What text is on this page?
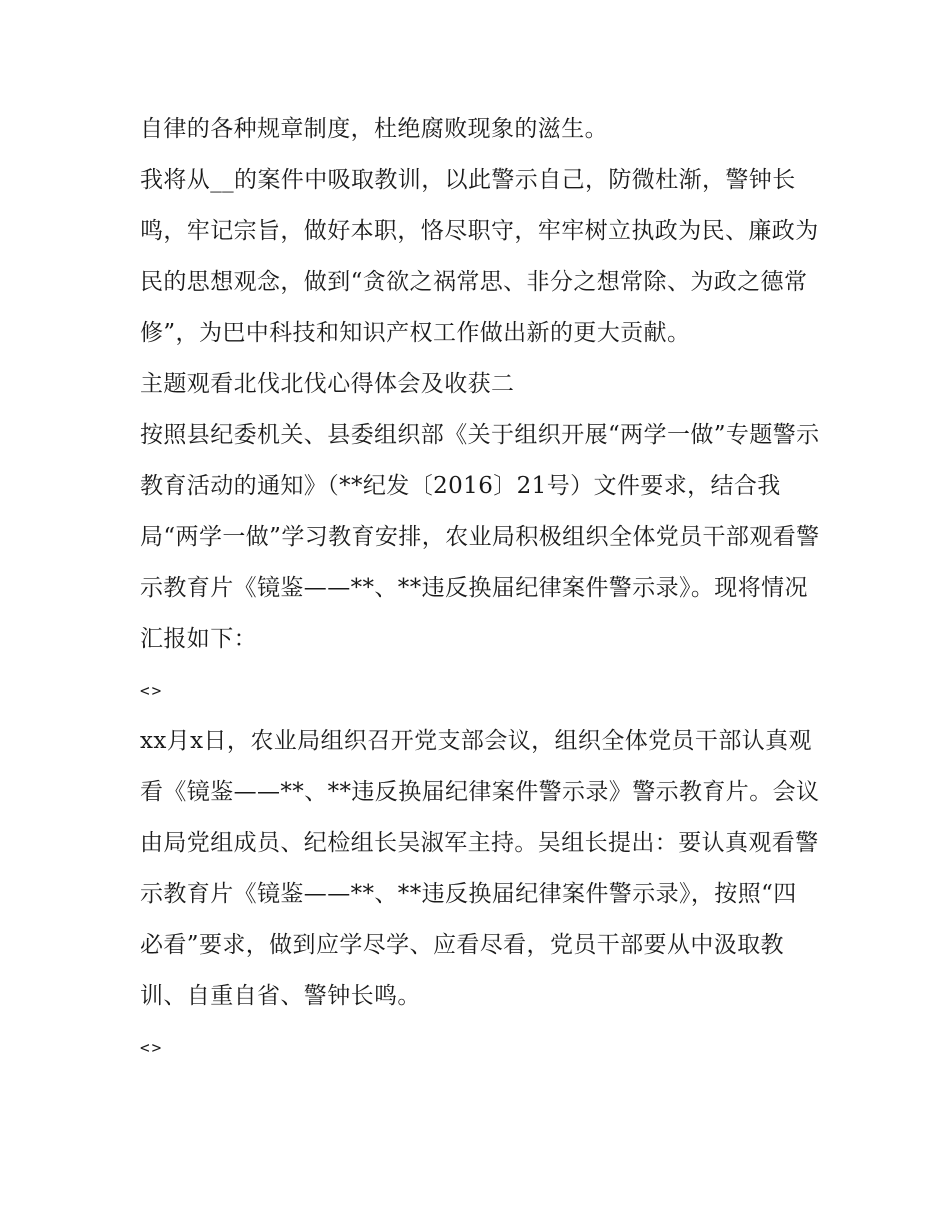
自律的各种规章制度，杜绝腐败现象的滋生。

我将从__的案件中吸取教训，以此警示自己，防微杜渐，警钟长鸣，牢记宗旨，做好本职，恪尽职守，牢牢树立执政为民、廉政为民的思想观念，做到“贪欲之祸常思、非分之想常除、为政之德常修”，为巴中科技和知识产权工作做出新的更大贡献。

主题观看北伐北伐心得体会及收获二

按照县纪委机关、县委组织部《关于组织开展“两学一做”专题警示教育活动的通知》（**纪发〔2016〕21号）文件要求，结合我局“两学一做”学习教育安排，农业局积极组织全体党员干部观看警示教育片《镜鉴——**、**违反换届纪律案件警示录》。现将情况汇报如下：

<>

xx月x日，农业局组织召开党支部会议，组织全体党员干部认真观看《镜鉴——**、**违反换届纪律案件警示录》警示教育片。会议由局党组成员、纪检组长吴淑军主持。吴组长提出：要认真观看警示教育片《镜鉴——**、**违反换届纪律案件警示录》，按照“四必看”要求，做到应学尽学、应看尽看，党员干部要从中汲取教训、自重自省、警钟长鸣。

<>
